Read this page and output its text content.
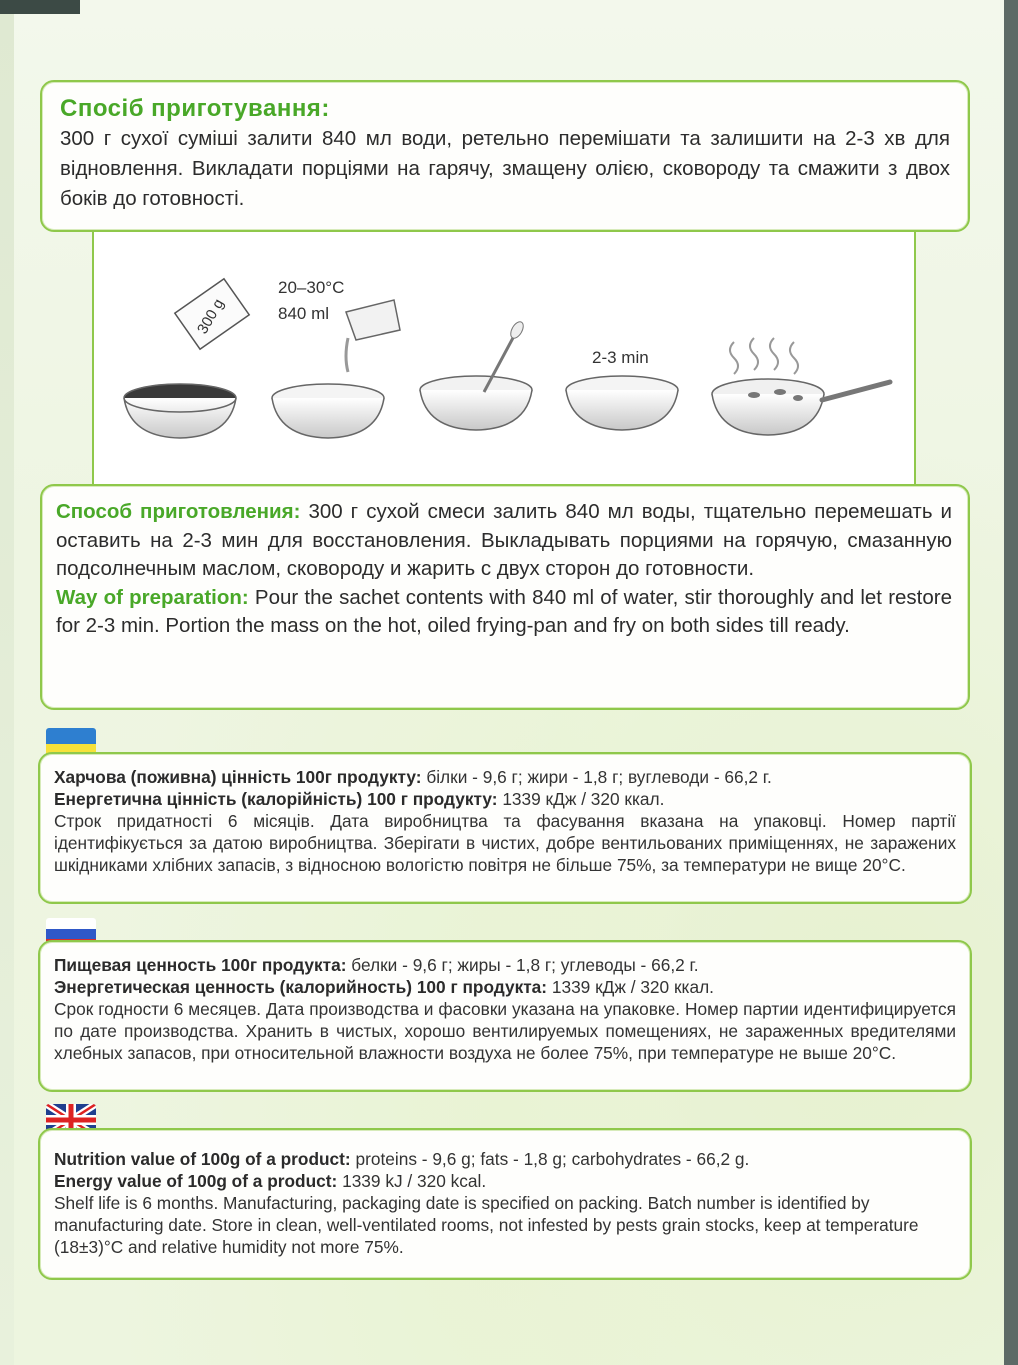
Спосіб приготування:
300 г сухої суміші залити 840 мл води, ретельно перемішати та залишити на 2-3 хв для відновлення. Викладати порціями на гарячу, змащену олією, сковороду та смажити з двох боків до готовності.
300 g
20–30°C
840 ml
2-3 min
Способ приготовления: 300 г сухой смеси залить 840 мл воды, тщательно перемешать и оставить на 2-3 мин для восстановления. Выкладывать порциями на горячую, смазанную подсолнечным маслом, сковороду и жарить с двух сторон до готовности.
Way of preparation: Pour the sachet contents with 840 ml of water, stir thoroughly and let restore for 2-3 min. Portion the mass on the hot, oiled frying-pan and fry on both sides till ready.
Харчова (поживна) цінність 100г продукту: білки - 9,6 г; жири - 1,8 г; вуглеводи - 66,2 г.
Енергетична цінність (калорійність) 100 г продукту: 1339 кДж / 320 ккал.
Строк придатності 6 місяців. Дата виробництва та фасування вказана на упаковці. Номер партії ідентифікується за датою виробництва. Зберігати в чистих, добре вентильованих приміщеннях, не заражених шкідниками хлібних запасів, з відносною вологістю повітря не більше 75%, за температури не вище 20°С.
Пищевая ценность 100г продукта: белки - 9,6 г; жиры - 1,8 г; углеводы - 66,2 г.
Энергетическая ценность (калорийность) 100 г продукта: 1339 кДж / 320 ккал.
Срок годности 6 месяцев. Дата производства и фасовки указана на упаковке. Номер партии идентифицируется по дате производства. Хранить в чистых, хорошо вентилируемых помещениях, не зараженных вредителями хлебных запасов, при относительной влажности воздуха не более 75%, при температуре не выше 20°С.
Nutrition value of 100g of a product: proteins - 9,6 g; fats - 1,8 g; carbohydrates - 66,2 g.
Energy value of 100g of a product: 1339 kJ / 320 kcal.
Shelf life is 6 months. Manufacturing, packaging date is specified on packing. Batch number is identified by manufacturing date. Store in clean, well-ventilated rooms, not infested by pests grain stocks, keep at temperature (18±3)°C and relative humidity not more 75%.
